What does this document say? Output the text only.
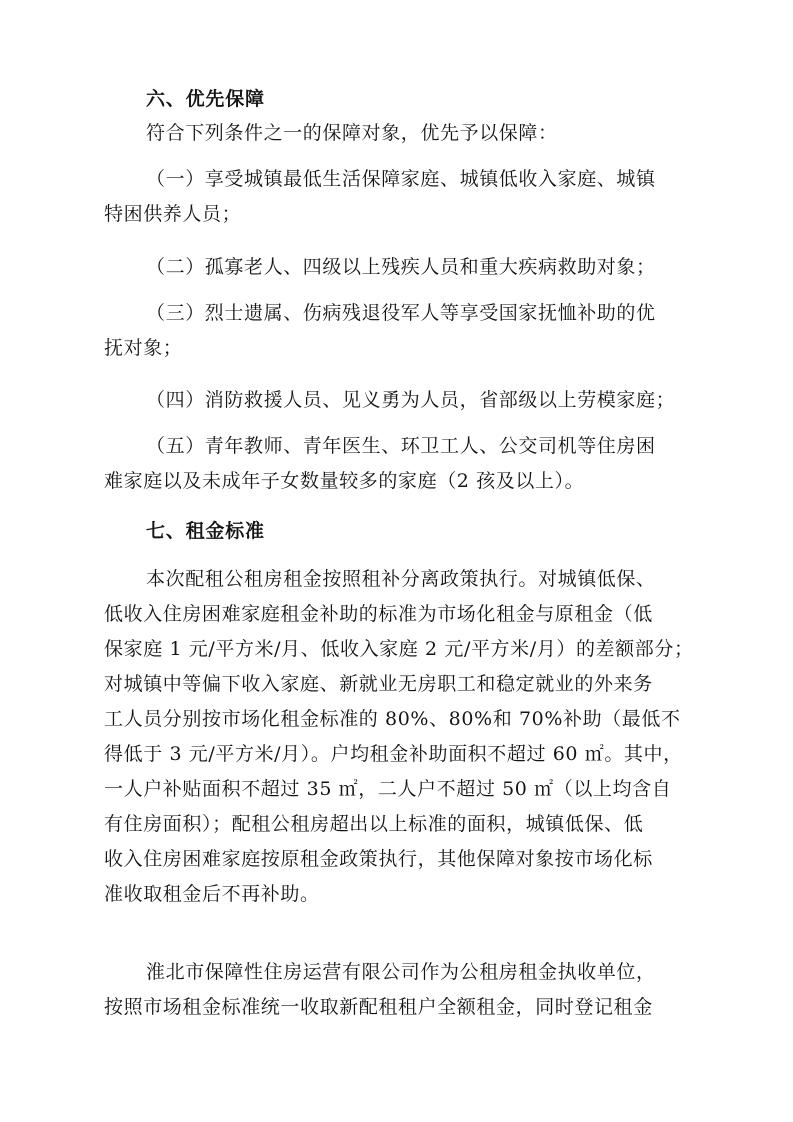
六、优先保障
符合下列条件之一的保障对象，优先予以保障：
（一）享受城镇最低生活保障家庭、城镇低收入家庭、城镇
特困供养人员；
（二）孤寡老人、四级以上残疾人员和重大疾病救助对象；
（三）烈士遗属、伤病残退役军人等享受国家抚恤补助的优
抚对象；
（四）消防救援人员、见义勇为人员，省部级以上劳模家庭；
（五）青年教师、青年医生、环卫工人、公交司机等住房困
难家庭以及未成年子女数量较多的家庭（2 孩及以上）。
七、租金标准
本次配租公租房租金按照租补分离政策执行。对城镇低保、
低收入住房困难家庭租金补助的标准为市场化租金与原租金（低
保家庭 1 元/平方米/月、低收入家庭 2 元/平方米/月）的差额部分；
对城镇中等偏下收入家庭、新就业无房职工和稳定就业的外来务
工人员分别按市场化租金标准的 80%、80%和 70%补助（最低不
得低于 3 元/平方米/月）。户均租金补助面积不超过 60 ㎡。其中，
一人户补贴面积不超过 35 ㎡，二人户不超过 50 ㎡（以上均含自
有住房面积）；配租公租房超出以上标准的面积，城镇低保、低
收入住房困难家庭按原租金政策执行，其他保障对象按市场化标
准收取租金后不再补助。
淮北市保障性住房运营有限公司作为公租房租金执收单位，
按照市场租金标准统一收取新配租租户全额租金，同时登记租金
